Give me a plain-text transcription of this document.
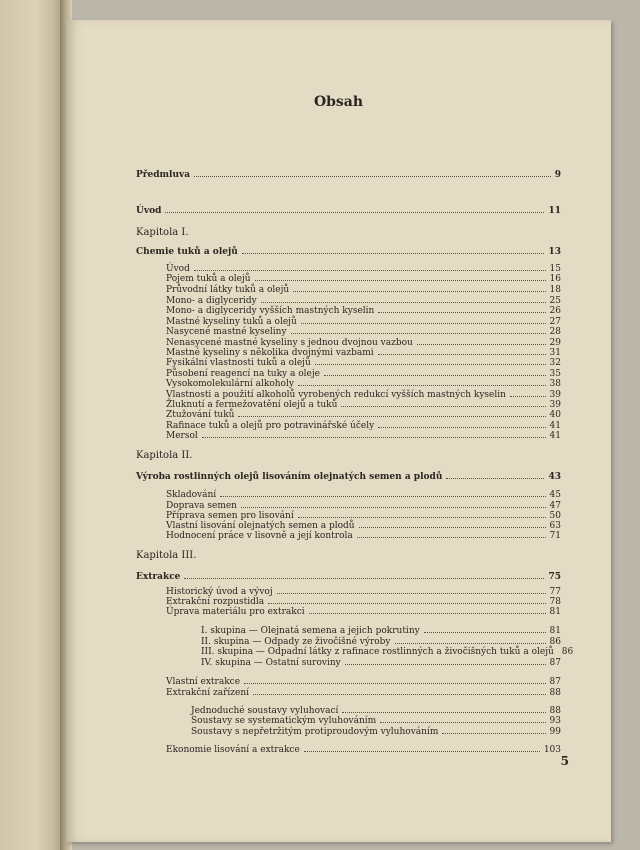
Obsah
Předmluva	9
Úvod	11
Kapitola I.
Chemie tuků a olejů	13
Úvod	15
Pojem tuků a olejů	16
Průvodní látky tuků a olejů	18
Mono- a diglyceridy	25
Mono- a diglyceridy vyšších mastných kyselin	26
Mastné kyseliny tuků a olejů	27
Nasycené mastné kyseliny	28
Nenasycené mastné kyseliny s jednou dvojnou vazbou	29
Mastné kyseliny s několika dvojnými vazbami	31
Fysikální vlastnosti tuků a olejů	32
Působení reagencí na tuky a oleje	35
Vysokomolekulární alkoholy	38
Vlastnosti a použití alkoholů vyrobených redukcí vyšších mastných kyselin	39
Žluknutí a fermežovatění olejů a tuků	39
Ztužování tuků	40
Rafinace tuků a olejů pro potravinářské účely	41
Mersol	41
Kapitola II.
Výroba rostlinných olejů lisováním olejnatých semen a plodů	43
Skladování	45
Doprava semen	47
Příprava semen pro lisování	50
Vlastní lisování olejnatých semen a plodů	63
Hodnocení práce v lisovně a její kontrola	71
Kapitola III.
Extrakce	75
Historický úvod a vývoj	77
Extrakční rozpustidla	78
Úprava materiálu pro extrakci	81
I. skupina — Olejnatá semena a jejich pokrutiny	81
II. skupina — Odpady ze živočišné výroby	86
III. skupina — Odpadní látky z rafinace rostlinných a živočišných tuků a olejů 86
IV. skupina — Ostatní suroviny	87
Vlastní extrakce	87
Extrakční zařízení	88
Jednoduché soustavy vyluhovací	88
Soustavy se systematickým vyluhováním	93
Soustavy s nepřetržitým protiproudovým vyluhováním	99
Ekonomie lisování a extrakce	103
5
